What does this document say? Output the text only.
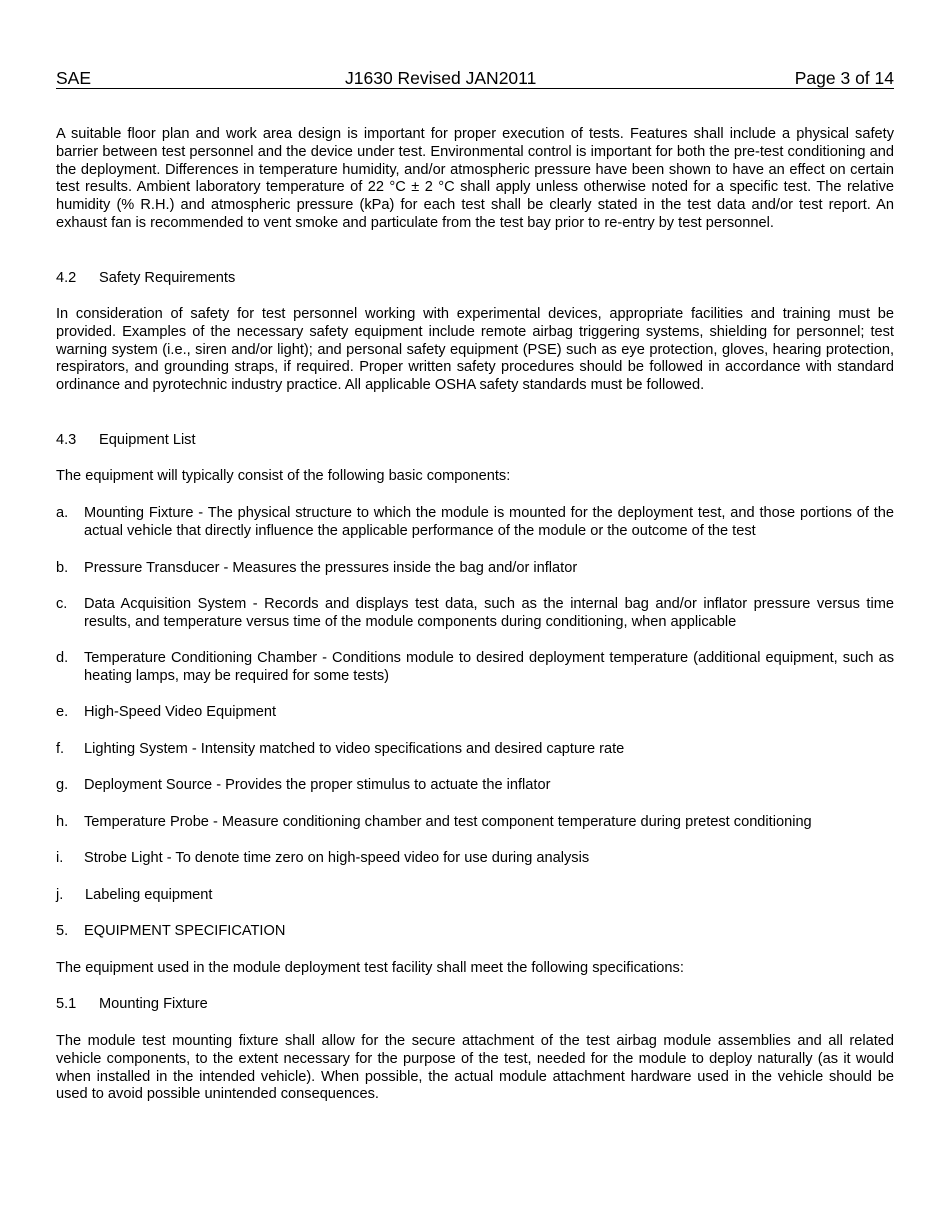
SAE	J1630 Revised JAN2011	Page 3 of 14

A suitable floor plan and work area design is important for proper execution of tests. Features shall include a physical safety barrier between test personnel and the device under test. Environmental control is important for both the pre-test conditioning and the deployment. Differences in temperature humidity, and/or atmospheric pressure have been shown to have an effect on certain test results. Ambient laboratory temperature of 22 °C ± 2 °C shall apply unless otherwise noted for a specific test. The relative humidity (% R.H.) and atmospheric pressure (kPa) for each test shall be clearly stated in the test data and/or test report. An exhaust fan is recommended to vent smoke and particulate from the test bay prior to re-entry by test personnel.

4.2 Safety Requirements

In consideration of safety for test personnel working with experimental devices, appropriate facilities and training must be provided. Examples of the necessary safety equipment include remote airbag triggering systems, shielding for personnel; test warning system (i.e., siren and/or light); and personal safety equipment (PSE) such as eye protection, gloves, hearing protection, respirators, and grounding straps, if required. Proper written safety procedures should be followed in accordance with standard ordinance and pyrotechnic industry practice. All applicable OSHA safety standards must be followed.

4.3 Equipment List

The equipment will typically consist of the following basic components:

a. Mounting Fixture - The physical structure to which the module is mounted for the deployment test, and those portions of the actual vehicle that directly influence the applicable performance of the module or the outcome of the test
b. Pressure Transducer - Measures the pressures inside the bag and/or inflator
c. Data Acquisition System - Records and displays test data, such as the internal bag and/or inflator pressure versus time results, and temperature versus time of the module components during conditioning, when applicable
d. Temperature Conditioning Chamber - Conditions module to desired deployment temperature (additional equipment, such as heating lamps, may be required for some tests)
e. High-Speed Video Equipment
f. Lighting System - Intensity matched to video specifications and desired capture rate
g. Deployment Source - Provides the proper stimulus to actuate the inflator
h. Temperature Probe - Measure conditioning chamber and test component temperature during pretest conditioning
i. Strobe Light - To denote time zero on high-speed video for use during analysis
j. Labeling equipment
5. EQUIPMENT SPECIFICATION

The equipment used in the module deployment test facility shall meet the following specifications:

5.1 Mounting Fixture

The module test mounting fixture shall allow for the secure attachment of the test airbag module assemblies and all related vehicle components, to the extent necessary for the purpose of the test, needed for the module to deploy naturally (as it would when installed in the intended vehicle). When possible, the actual module attachment hardware used in the vehicle should be used to avoid possible unintended consequences.
